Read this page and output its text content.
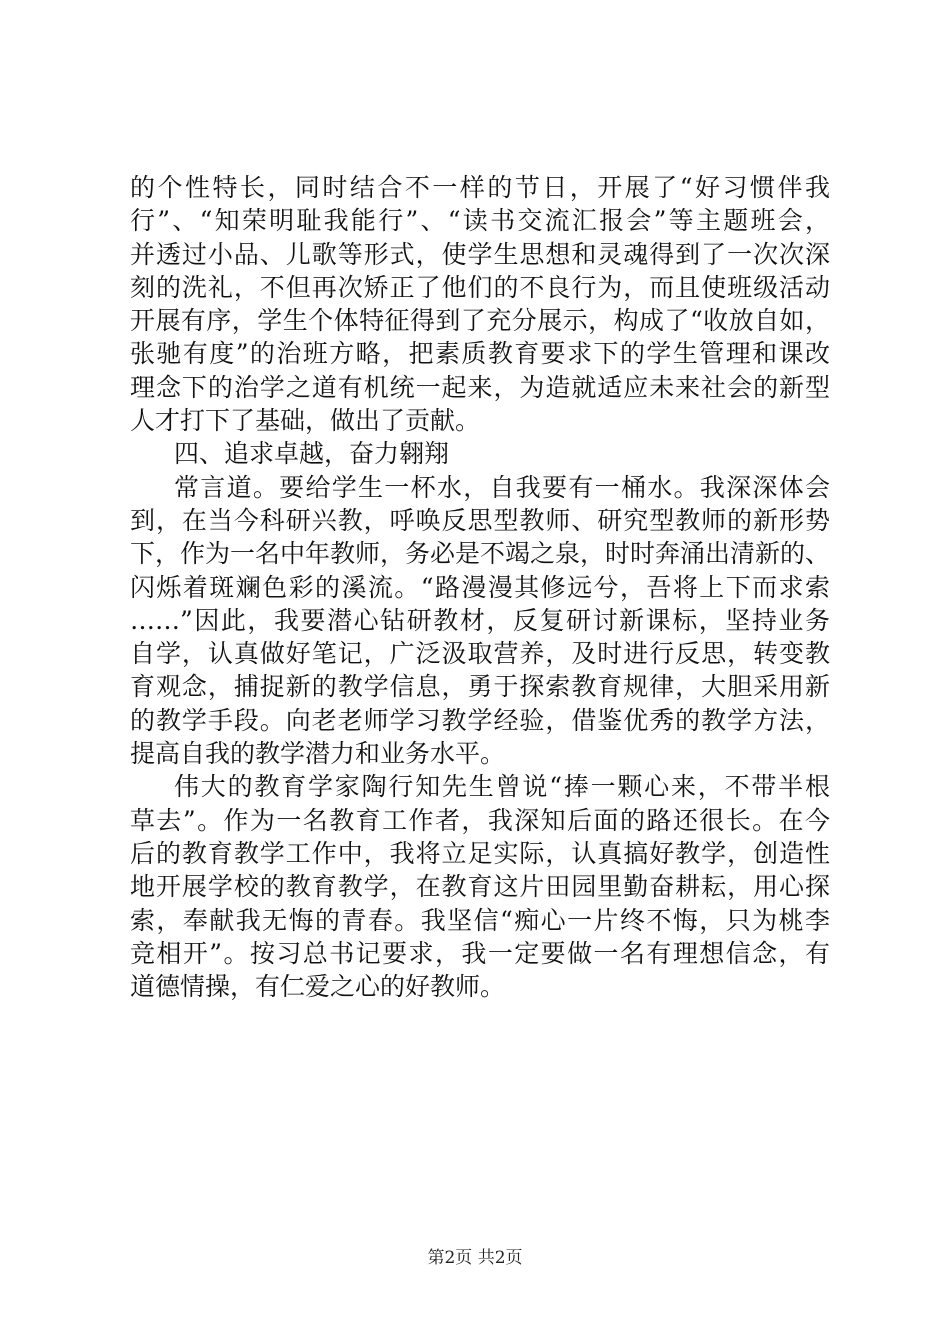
的个性特长，同时结合不一样的节日，开展了“好习惯伴我
行”、“知荣明耻我能行”、“读书交流汇报会”等主题班会，
并透过小品、儿歌等形式，使学生思想和灵魂得到了一次次深
刻的洗礼，不但再次矫正了他们的不良行为，而且使班级活动
开展有序，学生个体特征得到了充分展示，构成了“收放自如，
张驰有度”的治班方略，把素质教育要求下的学生管理和课改
理念下的治学之道有机统一起来，为造就适应未来社会的新型
人才打下了基础，做出了贡献。
四、追求卓越，奋力翱翔
常言道。要给学生一杯水，自我要有一桶水。我深深体会
到，在当今科研兴教，呼唤反思型教师、研究型教师的新形势
下，作为一名中年教师，务必是不竭之泉，时时奔涌出清新的、
闪烁着斑斓色彩的溪流。“路漫漫其修远兮，吾将上下而求索
……”因此，我要潜心钻研教材，反复研讨新课标，坚持业务
自学，认真做好笔记，广泛汲取营养，及时进行反思，转变教
育观念，捕捉新的教学信息，勇于探索教育规律，大胆采用新
的教学手段。向老老师学习教学经验，借鉴优秀的教学方法，
提高自我的教学潜力和业务水平。
伟大的教育学家陶行知先生曾说“捧一颗心来，不带半根
草去”。作为一名教育工作者，我深知后面的路还很长。在今
后的教育教学工作中，我将立足实际，认真搞好教学，创造性
地开展学校的教育教学，在教育这片田园里勤奋耕耘，用心探
索，奉献我无悔的青春。我坚信“痴心一片终不悔，只为桃李
竞相开”。按习总书记要求，我一定要做一名有理想信念，有
道德情操，有仁爱之心的好教师。
第2页 共2页
